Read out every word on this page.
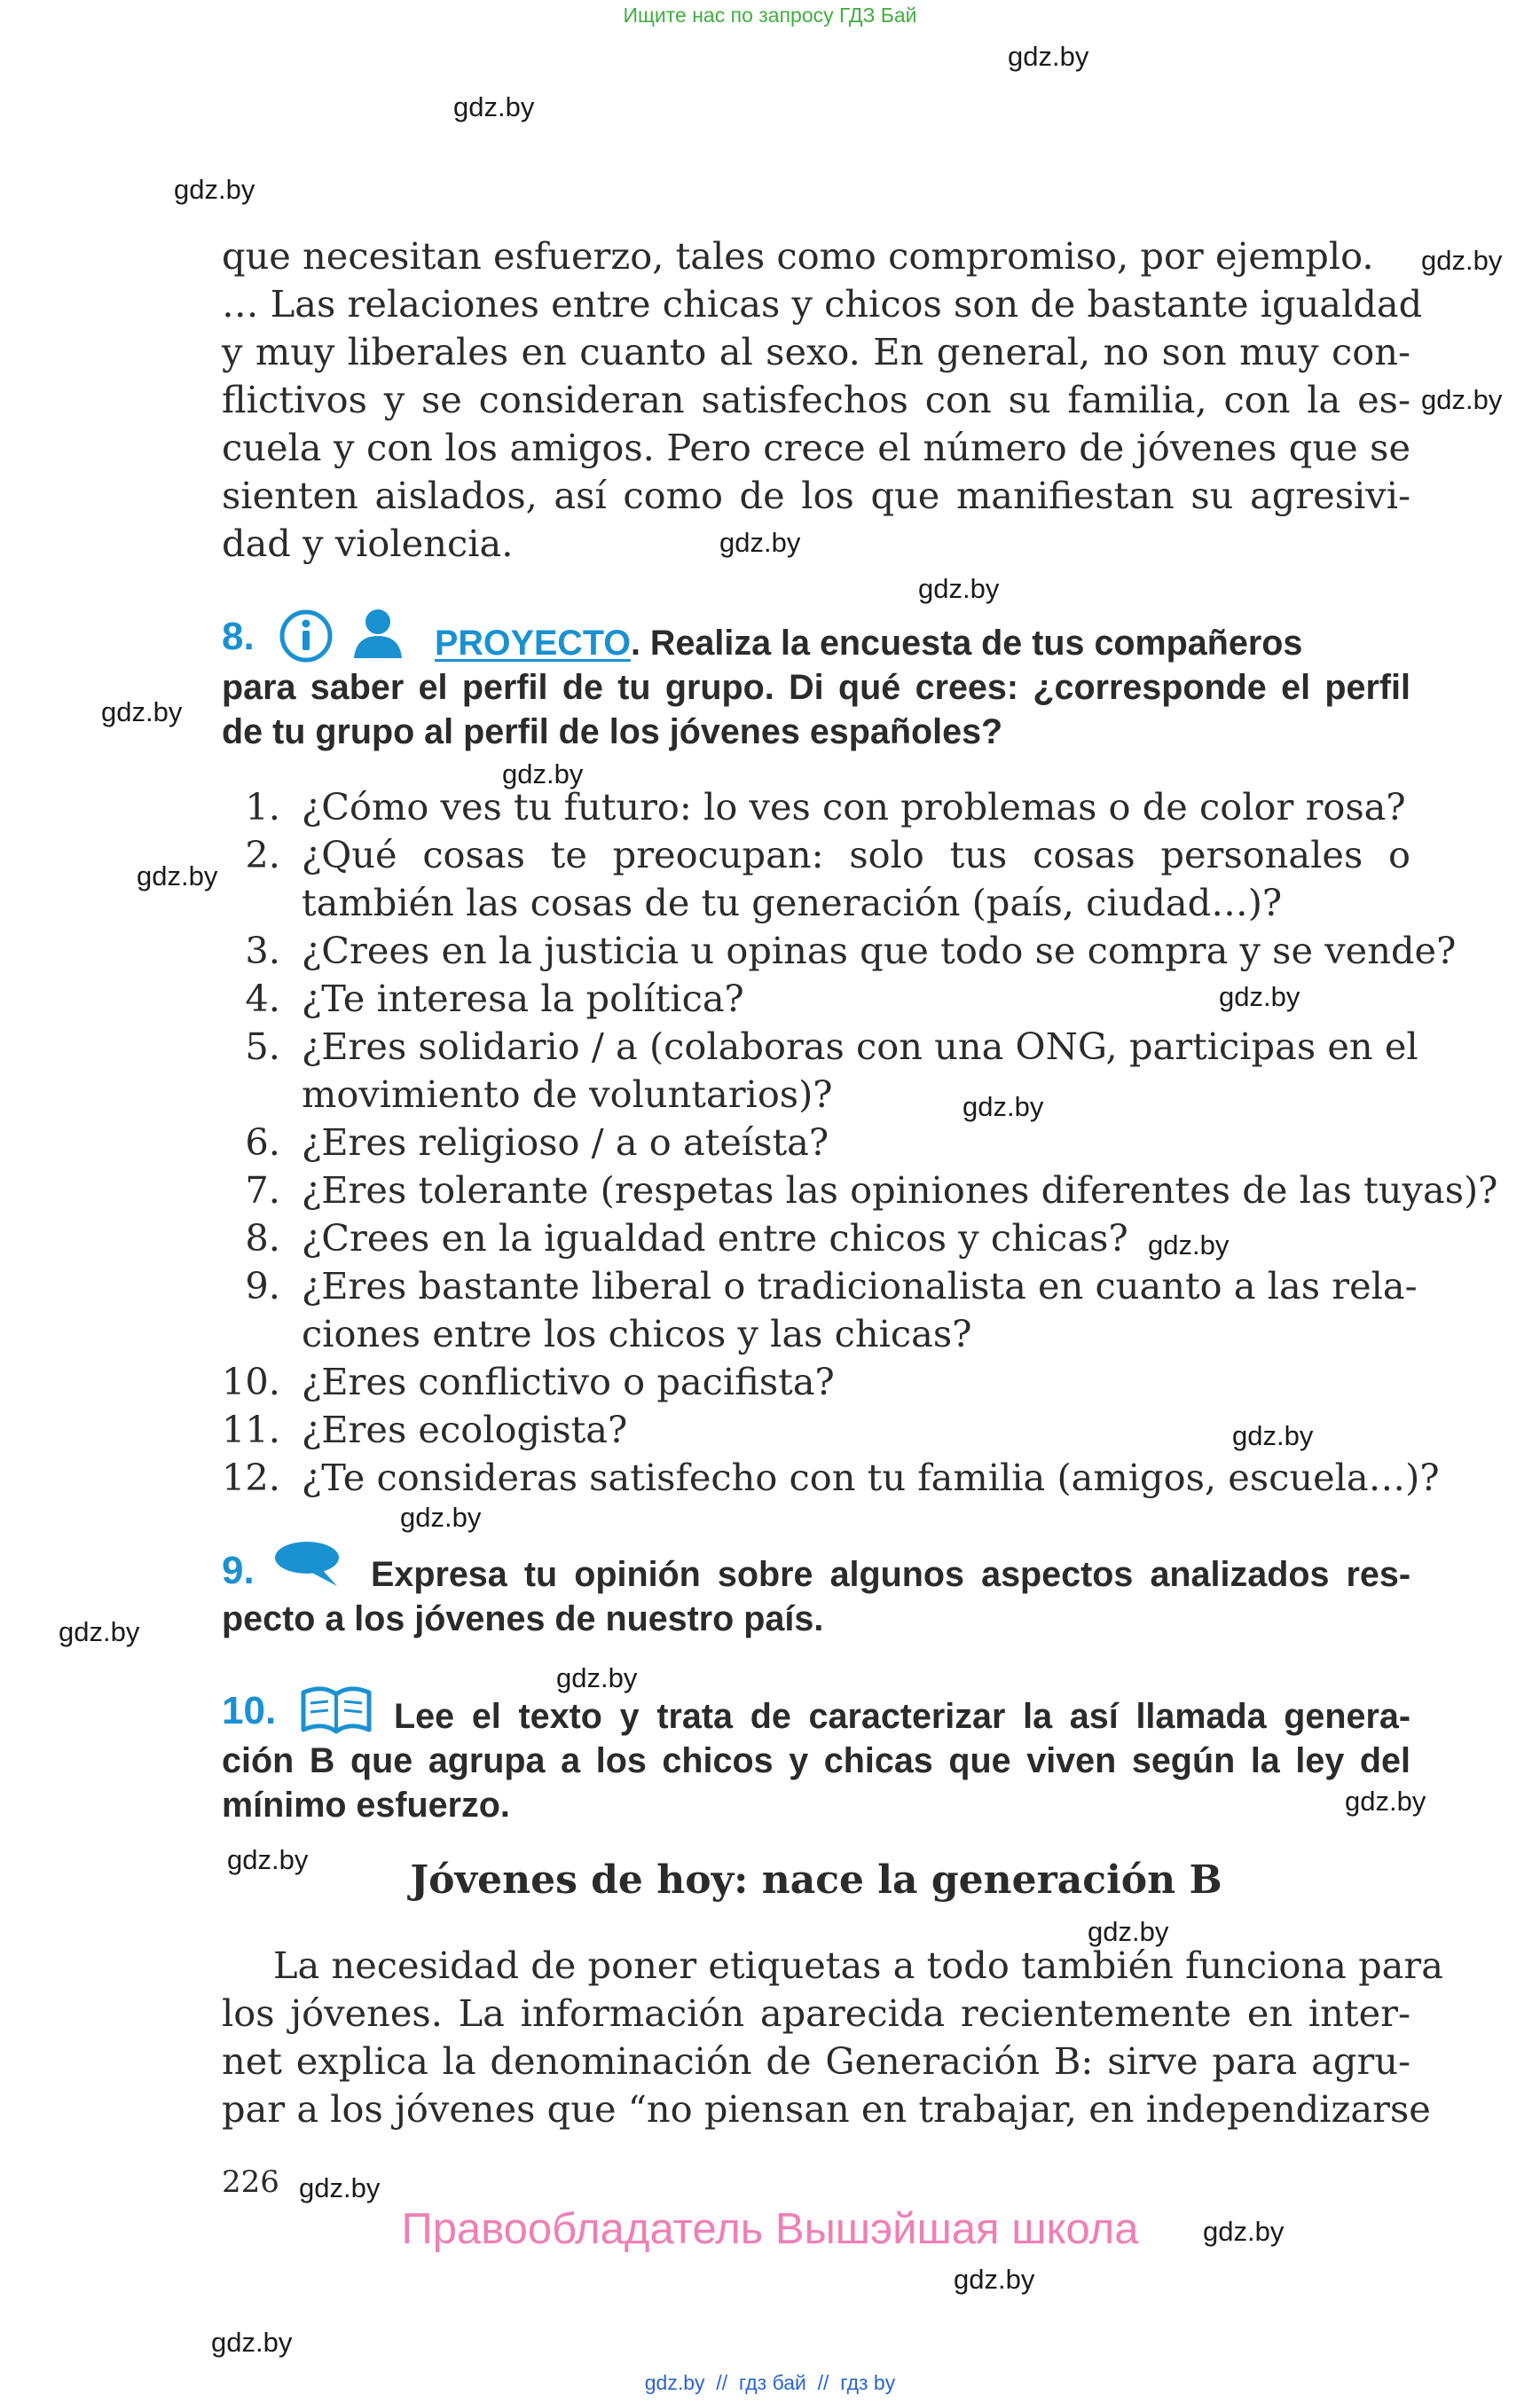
Ищите нас по запросу ГДЗ Бай
gdz.by
gdz.by
gdz.by
gdz.by
gdz.by
gdz.by
gdz.by
gdz.by
gdz.by
gdz.by
gdz.by
gdz.by
gdz.by
gdz.by
gdz.by
gdz.by
gdz.by
gdz.by
gdz.by
gdz.by
gdz.by
gdz.by
gdz.by
gdz.by
que necesitan esfuerzo, tales como compromiso, por ejemplo.
… Las relaciones entre chicas y chicos son de bastante igualdad
y muy liberales en cuanto al sexo. En general, no son muy con-
flictivos y se consideran satisfechos con su familia, con la es-
cuela y con los amigos. Pero crece el número de jóvenes que se
sienten aislados, así como de los que manifiestan su agresivi-
dad y violencia.
8.	PROYECTO. Realiza la encuesta de tus compañeros
para saber el perfil de tu grupo. Di qué crees: ¿corresponde el perfil
de tu grupo al perfil de los jóvenes españoles?
1. ¿Cómo ves tu futuro: lo ves con problemas o de color rosa?
2. ¿Qué cosas te preocupan: solo tus cosas personales o
también las cosas de tu generación (país, ciudad…)?
3. ¿Crees en la justicia u opinas que todo se compra y se vende?
4. ¿Te interesa la política?
5. ¿Eres solidario / a (colaboras con una ONG, participas en el
movimiento de voluntarios)?
6. ¿Eres religioso / a o ateísta?
7. ¿Eres tolerante (respetas las opiniones diferentes de las tuyas)?
8. ¿Crees en la igualdad entre chicos y chicas?
9. ¿Eres bastante liberal o tradicionalista en cuanto a las rela-
ciones entre los chicos y las chicas?
10. ¿Eres conflictivo o pacifista?
11. ¿Eres ecologista?
12. ¿Te consideras satisfecho con tu familia (amigos, escuela…)?
9.	Expresa tu opinión sobre algunos aspectos analizados res-
pecto a los jóvenes de nuestro país.
10.	Lee el texto y trata de caracterizar la así llamada genera-
ción B que agrupa a los chicos y chicas que viven según la ley del
mínimo esfuerzo.
Jóvenes de hoy: nace la generación B
La necesidad de poner etiquetas a todo también funciona para
los jóvenes. La información aparecida recientemente en inter-
net explica la denominación de Generación B: sirve para agru-
par a los jóvenes que “no piensan en trabajar, en independizarse
226
Правообладатель Вышэйшая школа
gdz.by  //  гдз бай  //  гдз by
